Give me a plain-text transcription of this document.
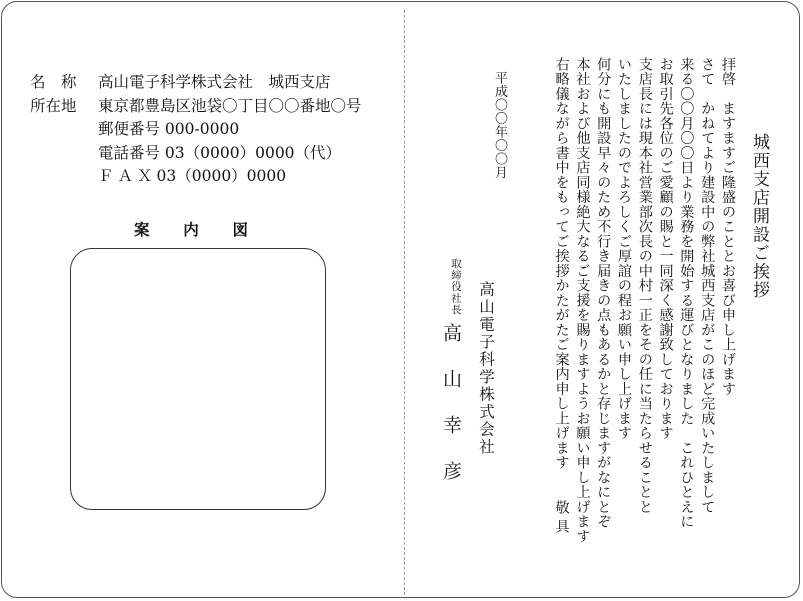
城西支店開設ご挨拶
拝啓　ますますご隆盛のこととお喜び申し上げます
さて　かねてより建設中の弊社城西支店がこのほど完成いたしまして
来る〇〇月〇〇日より業務を開始する運びとなりました　これひとえに
お取引先各位のご愛顧の賜と一同深く感謝致しております
支店長には現本社営業部次長の中村一正をその任に当たらせることと
いたしましたのでよろしくご厚誼の程お願い申し上げます
何分にも開設早々のため不行き届きの点もあるかと存じますがなにとぞ
本社および他支店同様絶大なるご支援を賜りますようお願い申し上げます
右略儀ながら書中をもってご挨拶かたがたご案内申し上げます敬具
平成〇〇年〇〇月
高山電子科学株式会社
取締役社長
高山幸彦
名　称	高山電子科学株式会社　城西支店
所在地	東京都豊島区池袋〇丁目〇〇番地〇号
郵便番号 000-0000
電話番号 03（0000）0000（代）
ＦＡＸ03（0000）0000
案 内 図
